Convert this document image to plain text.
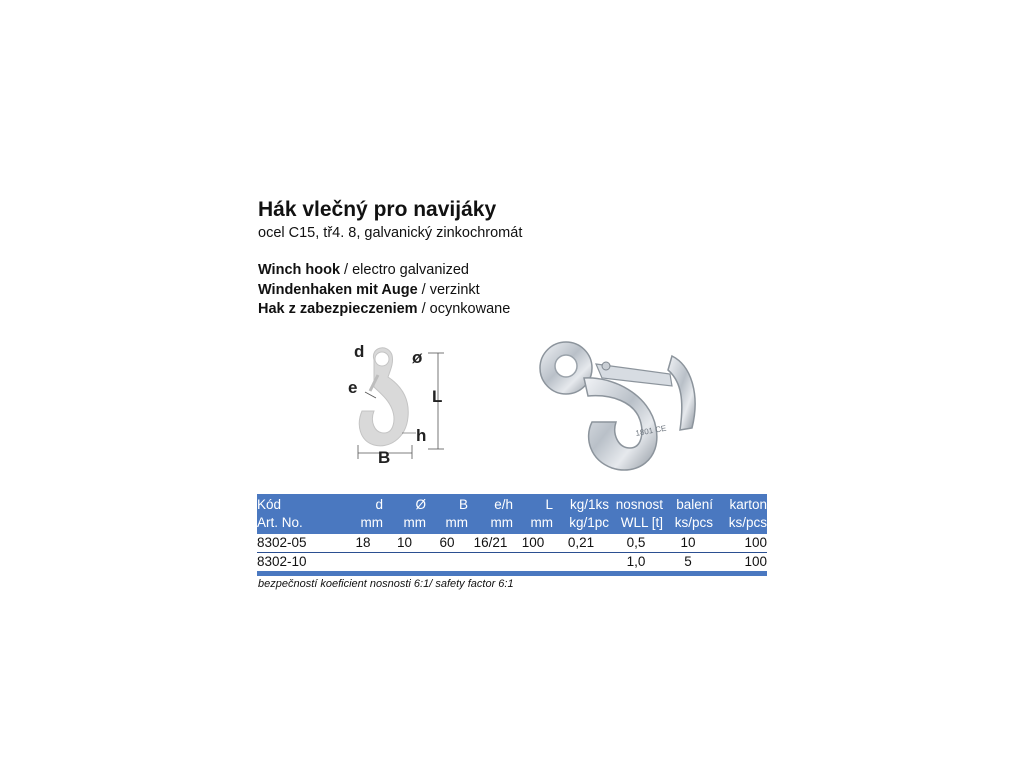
Hák vlečný pro navijáky
ocel C15, tř4. 8, galvanický zinkochromát
Winch hook / electro galvanized
Windenhaken mit Auge / verzinkt
Hak z zabezpieczeniem / ocynkowane
d	ø
e	L
h
B
1801 CE
Kód	d	Ø	B	e/h	L	kg/1ks	nosnost	balení	karton
Art. No.	mm	mm	mm	mm	mm	kg/1pc	WLL [t]	ks/pcs	ks/pcs
8302-05	18	10	60	16/21	100	0,21	0,5	10	100
8302-10							1,0	5	100
bezpečností koeficient nosnosti 6:1/ safety factor 6:1
